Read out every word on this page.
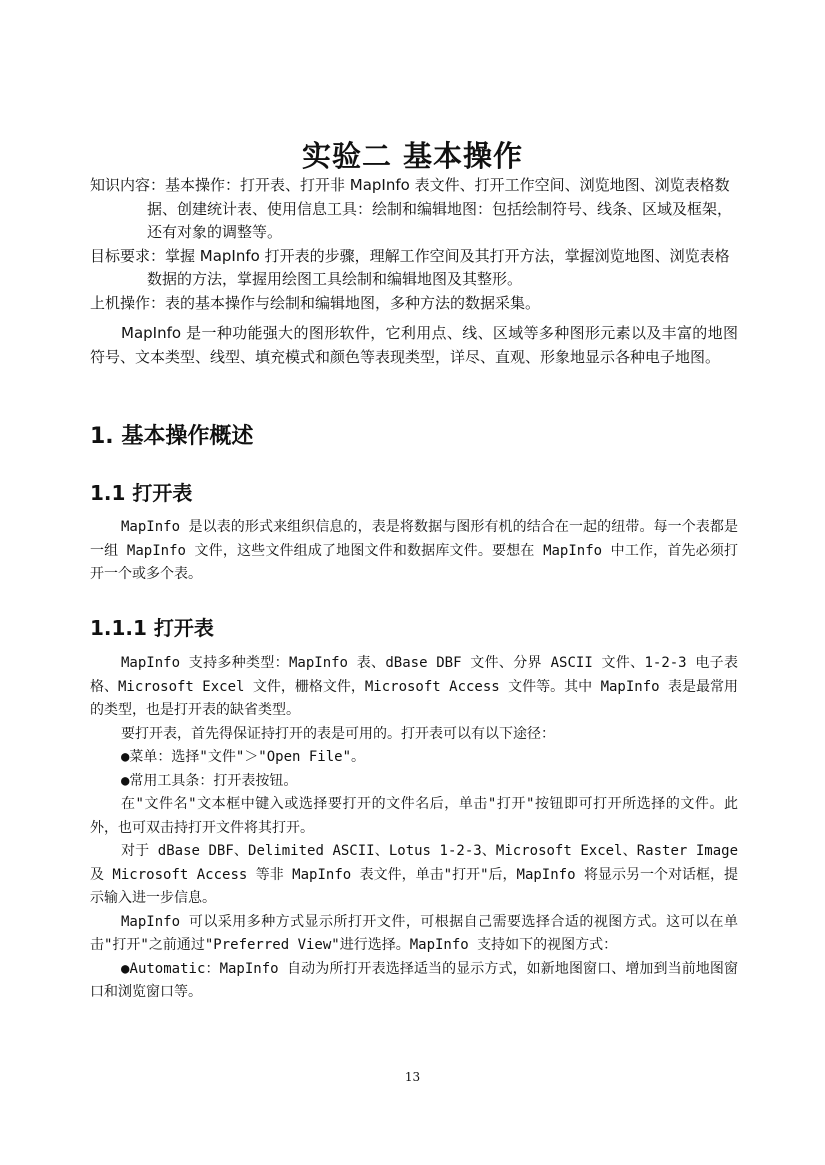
实验二 基本操作

知识内容：基本操作：打开表、打开非 MapInfo 表文件、打开工作空间、浏览地图、浏览表格数据、创建统计表、使用信息工具：绘制和编辑地图：包括绘制符号、线条、区域及框架，还有对象的调整等。

目标要求：掌握 MapInfo 打开表的步骤，理解工作空间及其打开方法，掌握浏览地图、浏览表格数据的方法，掌握用绘图工具绘制和编辑地图及其整形。

上机操作：表的基本操作与绘制和编辑地图，多种方法的数据采集。

MapInfo 是一种功能强大的图形软件，它利用点、线、区域等多种图形元素以及丰富的地图符号、文本类型、线型、填充模式和颜色等表现类型，详尽、直观、形象地显示各种电子地图。

1. 基本操作概述
1.1 打开表

MapInfo 是以表的形式来组织信息的，表是将数据与图形有机的结合在一起的纽带。每一个表都是一组 MapInfo 文件，这些文件组成了地图文件和数据库文件。要想在 MapInfo 中工作，首先必须打开一个或多个表。

1.1.1 打开表

MapInfo 支持多种类型：MapInfo 表、dBase DBF 文件、分界 ASCII 文件、1-2-3 电子表格、Microsoft Excel 文件，栅格文件，Microsoft Access 文件等。其中 MapInfo 表是最常用的类型，也是打开表的缺省类型。

要打开表，首先得保证持打开的表是可用的。打开表可以有以下途径：

●菜单：选择"文件"＞"Open File"。

●常用工具条：打开表按钮。

在"文件名"文本框中键入或选择要打开的文件名后，单击"打开"按钮即可打开所选择的文件。此外，也可双击持打开文件将其打开。

对于 dBase DBF、Delimited ASCII、Lotus 1-2-3、Microsoft Excel、Raster Image 及 Microsoft Access 等非 MapInfo 表文件，单击"打开"后，MapInfo 将显示另一个对话框，提示输入进一步信息。

MapInfo 可以采用多种方式显示所打开文件，可根据自己需要选择合适的视图方式。这可以在单击"打开"之前通过"Preferred View"进行选择。MapInfo 支持如下的视图方式：

●Automatic：MapInfo 自动为所打开表选择适当的显示方式，如新地图窗口、增加到当前地图窗口和浏览窗口等。

13
